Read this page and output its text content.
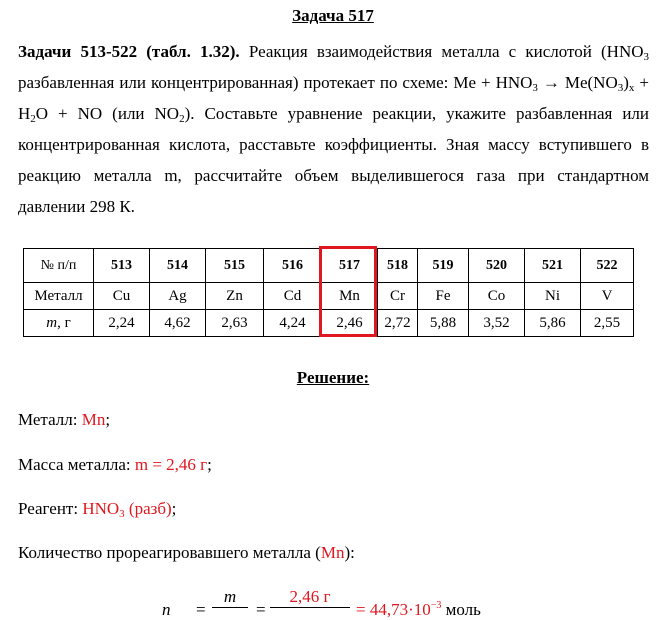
Задача 517
Задачи 513-522 (табл. 1.32). Реакция взаимодействия металла с кислотой ($HNO_3$ разбавленная или концентрированная) протекает по схеме: $Me + HNO_3 \to Me(NO_3)_x + H_2O$ + NO (или $NO_2$). Составьте уравнение реакции, укажите разбавленная или концентрированная кислота, расставьте коэффициенты. Зная массу вступившего в реакцию металла m, рассчитайте объем выделившегося газа при стандартном давлении 298 К.
№ п/п	513	514	515	516	517	518	519	520	521	522
Металл	Cu	Ag	Zn	Cd	Mn	Cr	Fe	Co	Ni	V
m, г	2,24	4,62	2,63	4,24	2,46	2,72	5,88	3,52	5,86	2,55
Решение:
Металл: Mn;
Масса металла: m = 2,46 г;
Реагент: $HNO_3$ (разб);
Количество прореагировавшего металла (Mn):
n =
m
=
2,46 г
= $44,73\cdot 10^{-3}$ моль
